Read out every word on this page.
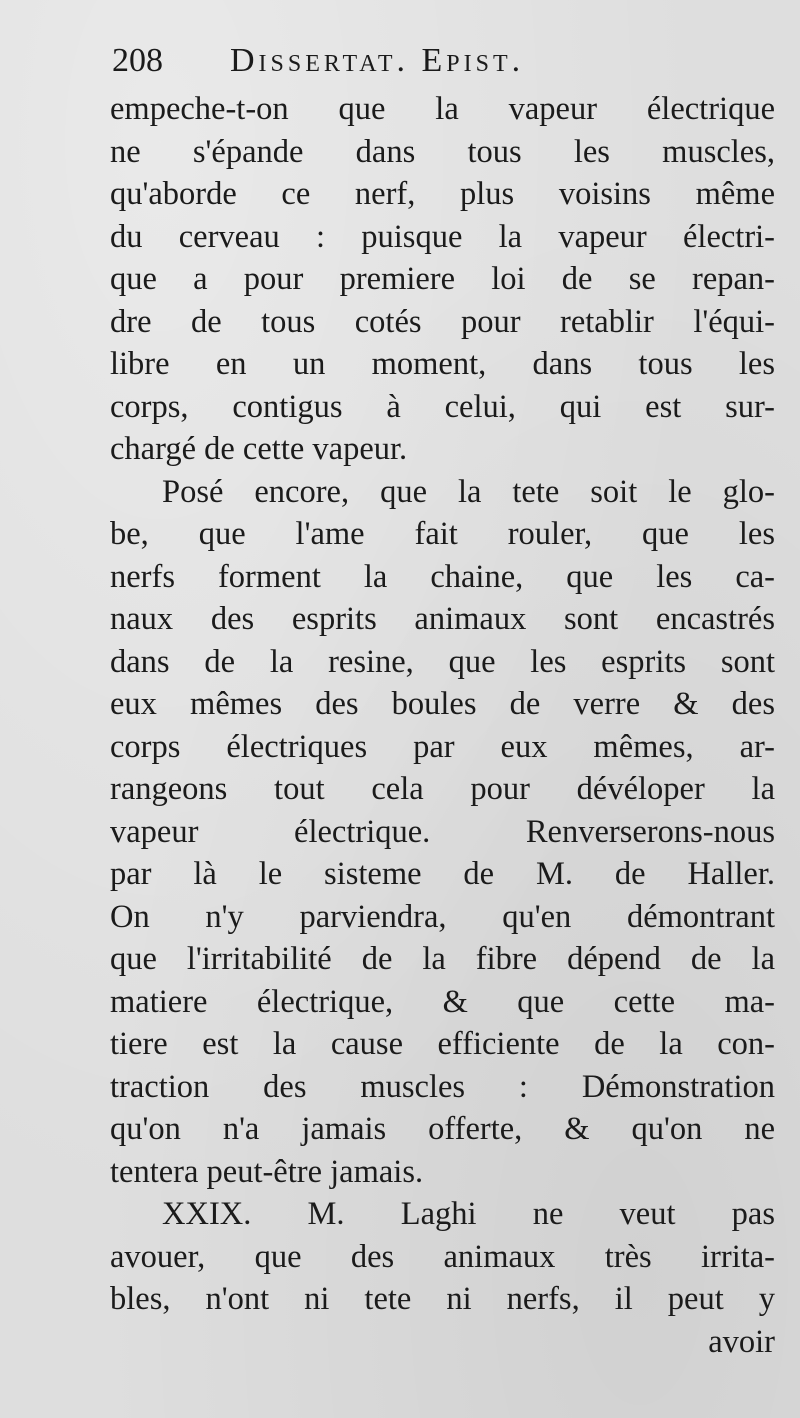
208 Dissertat. Epist.
empeche-t-on que la vapeur électrique
ne s'épande dans tous les muscles,
qu'aborde ce nerf, plus voisins même
du cerveau : puisque la vapeur électri-
que a pour premiere loi de se repan-
dre de tous cotés pour retablir l'équi-
libre en un moment, dans tous les
corps, contigus à celui, qui est sur-
chargé de cette vapeur.
Posé encore, que la tete soit le glo-
be, que l'ame fait rouler, que les
nerfs forment la chaine, que les ca-
naux des esprits animaux sont encastrés
dans de la resine, que les esprits sont
eux mêmes des boules de verre & des
corps électriques par eux mêmes, ar-
rangeons tout cela pour dévéloper la
vapeur électrique. Renverserons-nous
par là le sisteme de M. de Haller.
On n'y parviendra, qu'en démontrant
que l'irritabilité de la fibre dépend de la
matiere électrique, & que cette ma-
tiere est la cause efficiente de la con-
traction des muscles : Démonstration
qu'on n'a jamais offerte, & qu'on ne
tentera peut-être jamais.
XXIX. M. Laghi ne veut pas
avouer, que des animaux très irrita-
bles, n'ont ni tete ni nerfs, il peut y
avoir
